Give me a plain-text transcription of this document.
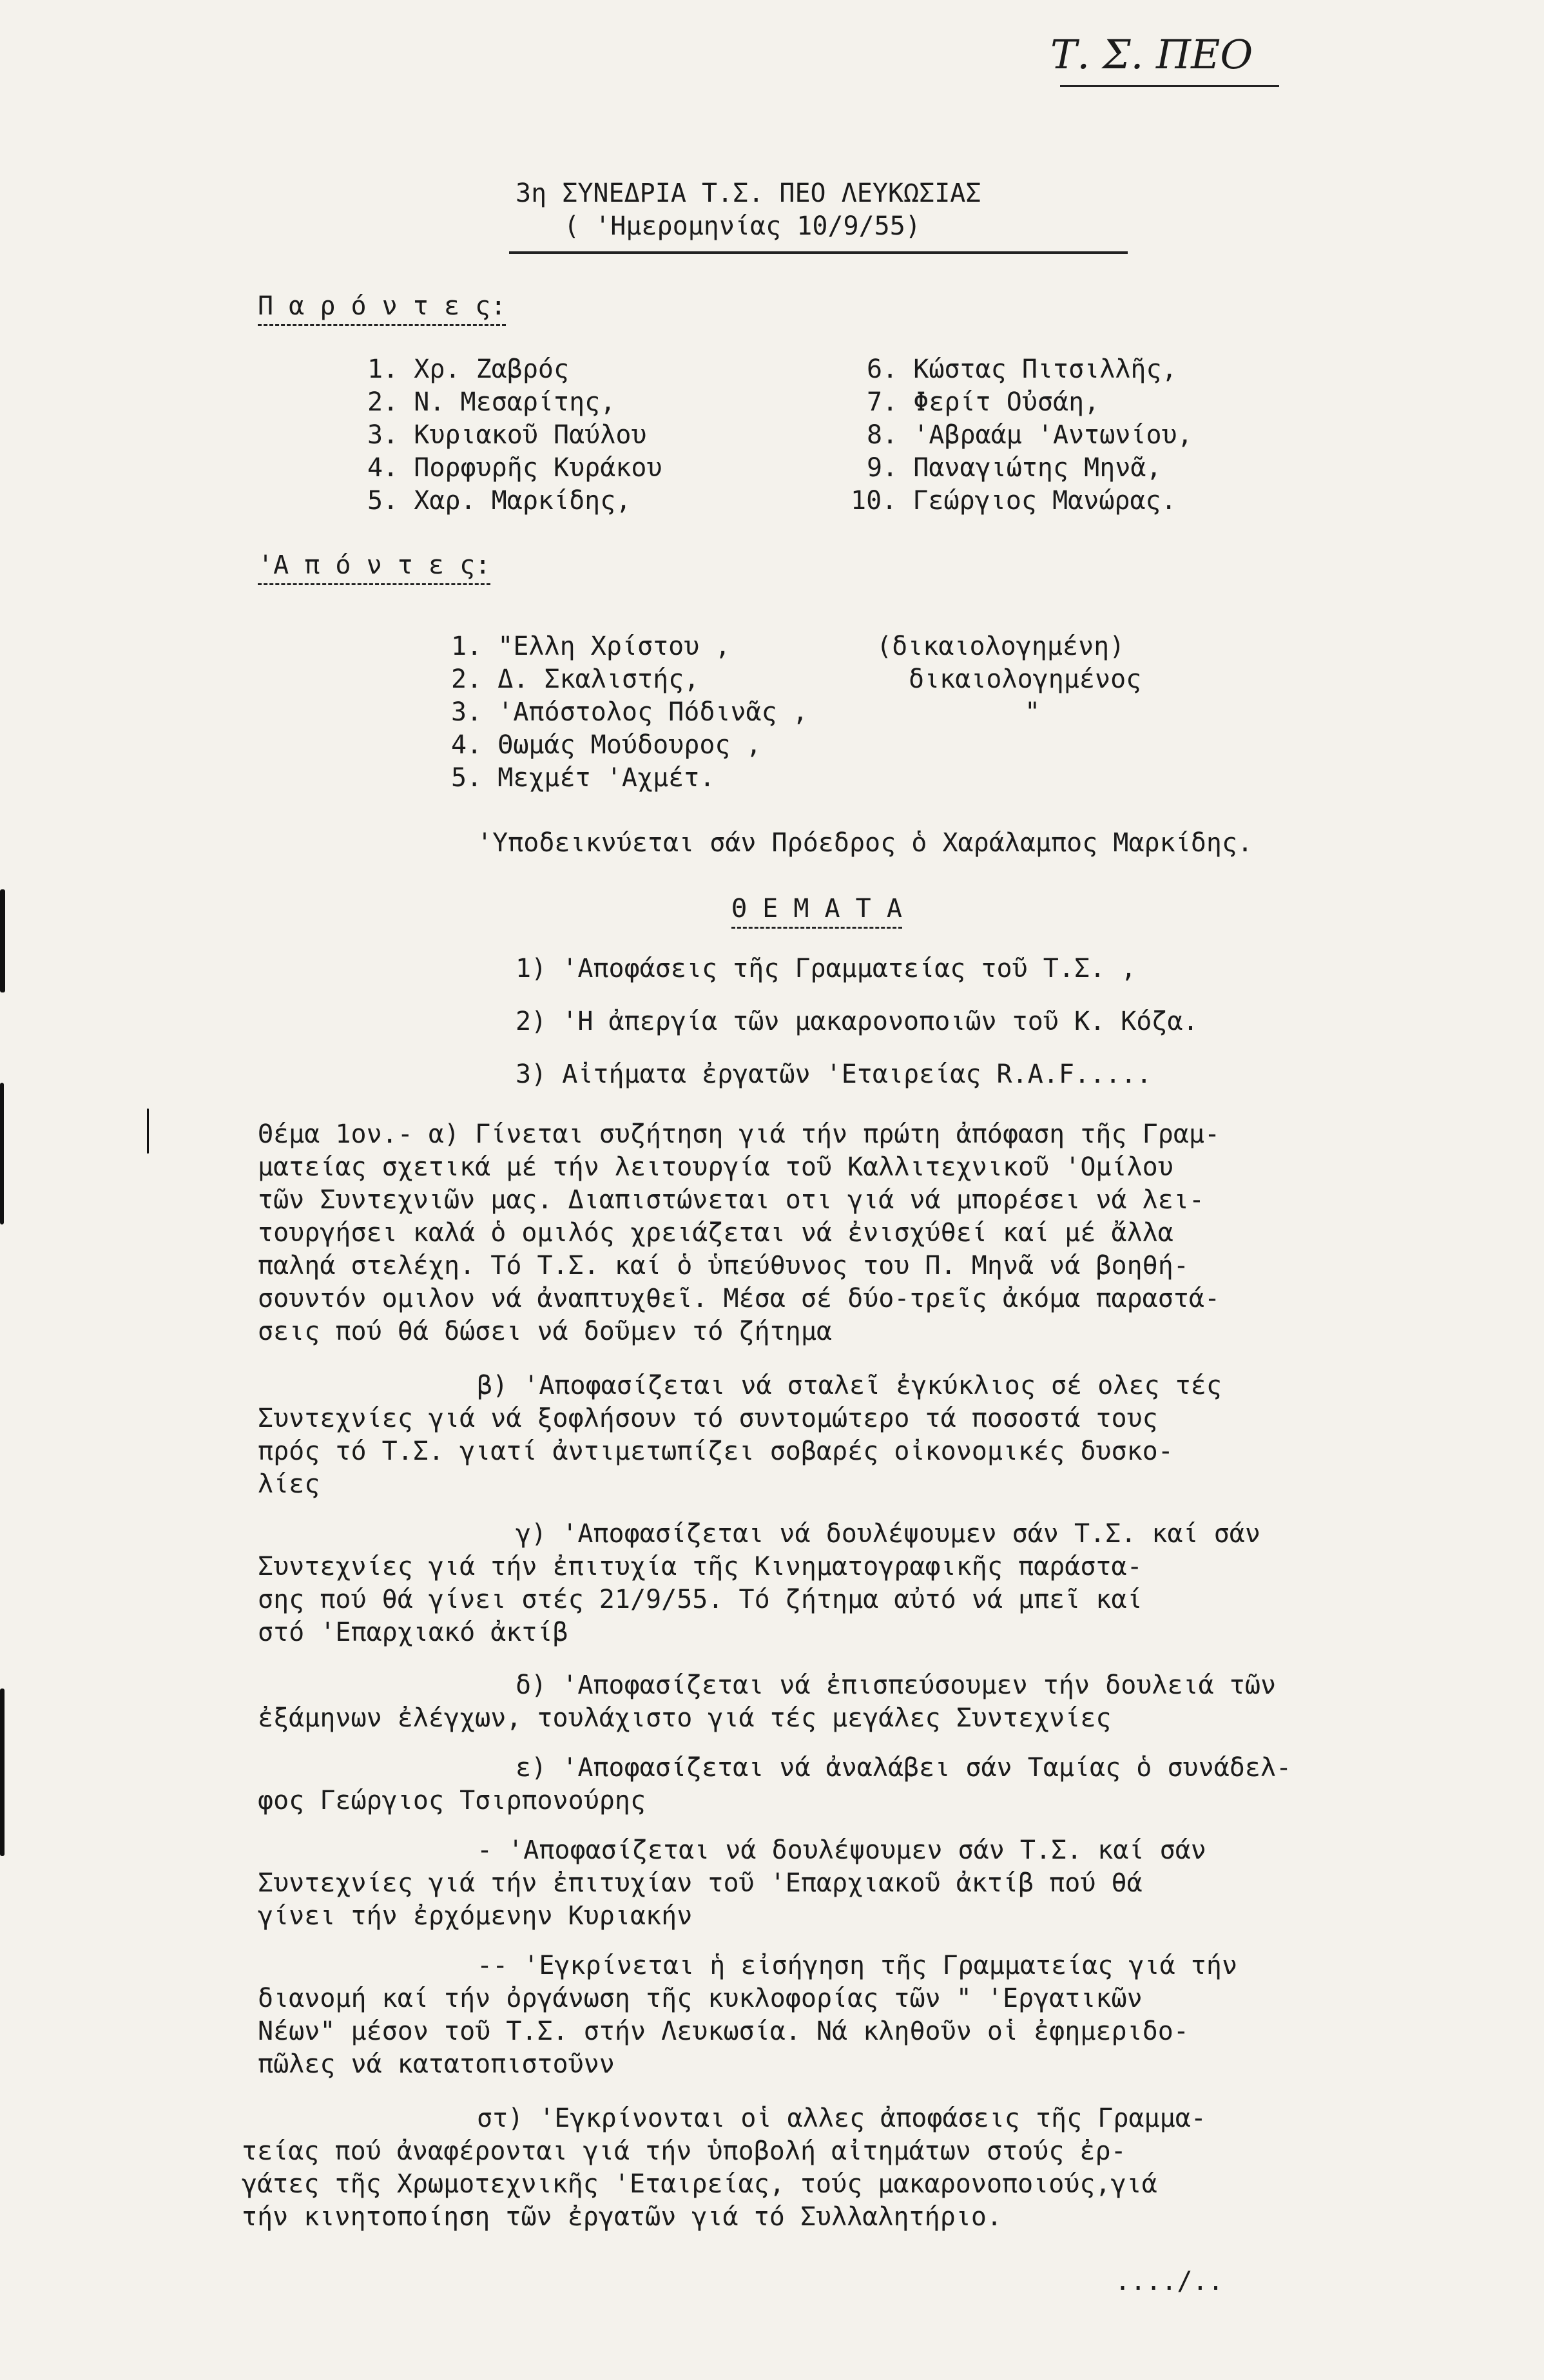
Τ. Σ. ΠΕΟ
3η ΣΥΝΕΔΡΙΑ Τ.Σ. ΠΕΟ ΛΕΥΚΩΣΙΑΣ
( 'Ημερομηνίας 10/9/55)
Π α ρ ό ν τ ε ς:
1. Χρ. Ζαβρός
2. Ν. Μεσαρίτης,
3. Κυριακοῦ Παύλου
4. Πορφυρῆς Κυράκου
5. Χαρ. Μαρκίδης,
6. Κώστας Πιτσιλλῆς,
7. Φερίτ Οὐσάη,
8. 'Αβραάμ 'Αντωνίου,
9. Παναγιώτης Μηνᾶ,
10. Γεώργιος Μανώρας.
'Α π ό ν τ ε ς:
1. "Ελλη Χρίστου ,	(δικαιολογημένη)
2. Δ. Σκαλιστής,	δικαιολογημένος
3. 'Απόστολος Πόδινᾶς ,	"
4. Θωμάς Μούδουρος ,
5. Μεχμέτ 'Αχμέτ.
'Υποδεικνύεται σάν Πρόεδρος ὁ Χαράλαμπος Μαρκίδης.
Θ Ε Μ Α Τ Α
1) 'Αποφάσεις τῆς Γραμματείας τοῦ Τ.Σ. ,
2) 'Η ἀπεργία τῶν μακαρονοποιῶν τοῦ Κ. Κόζα.
3) Αἰτήματα ἐργατῶν 'Εταιρείας R.A.F.....
Θέμα 1ον.- α) Γίνεται συζήτηση γιά τήν πρώτη ἀπόφαση τῆς Γραμ-
ματείας σχετικά μέ τήν λειτουργία τοῦ Καλλιτεχνικοῦ 'Ομίλου
τῶν Συντεχνιῶν μας. Διαπιστώνεται οτι γιά νά μπορέσει νά λει-
τουργήσει καλά ὁ ομιλός χρειάζεται νά ἐνισχύθεί καί μέ ἄλλα
παληά στελέχη. Τό Τ.Σ. καί ὁ ὑπεύθυνος του Π. Μηνᾶ νά βοηθή-
σουντόν ομιλον νά ἀναπτυχθεῖ. Μέσα σέ δύο-τρεῖς ἀκόμα παραστά-
σεις πού θά δώσει νά δοῦμεν τό ζήτημα
β) 'Αποφασίζεται νά σταλεῖ ἐγκύκλιος σέ ολες τές
Συντεχνίες γιά νά ξοφλήσουν τό συντομώτερο τά ποσοστά τους
πρός τό Τ.Σ. γιατί ἀντιμετωπίζει σοβαρές οἰκονομικές δυσκο-
λίες
γ) 'Αποφασίζεται νά δουλέψουμεν σάν Τ.Σ. καί σάν
Συντεχνίες γιά τήν ἐπιτυχία τῆς Κινηματογραφικῆς παράστα-
σης πού θά γίνει στές 21/9/55. Τό ζήτημα αὐτό νά μπεῖ καί
στό 'Επαρχιακό ἀκτίβ
δ) 'Αποφασίζεται νά ἐπισπεύσουμεν τήν δουλειά τῶν
ἐξάμηνων ἐλέγχων, τουλάχιστο γιά τές μεγάλες Συντεχνίες
ε) 'Αποφασίζεται νά ἀναλάβει σάν Ταμίας ὁ συνάδελ-
φος Γεώργιος Τσιρπονούρης
- 'Αποφασίζεται νά δουλέψουμεν σάν Τ.Σ. καί σάν
Συντεχνίες γιά τήν ἐπιτυχίαν τοῦ 'Επαρχιακοῦ ἀκτίβ πού θά
γίνει τήν ἐρχόμενην Κυριακήν
-- 'Εγκρίνεται ἡ εἰσήγηση τῆς Γραμματείας γιά τήν
διανομή καί τήν ὀργάνωση τῆς κυκλοφορίας τῶν " 'Εργατικῶν
Νέων" μέσον τοῦ Τ.Σ. στήν Λευκωσία. Νά κληθοῦν οἱ ἐφημεριδο-
πῶλες νά κατατοπιστοῦνν
στ) 'Εγκρίνονται οἱ αλλες ἀποφάσεις τῆς Γραμμα-
τείας πού ἀναφέρονται γιά τήν ὑποβολή αἰτημάτων στούς ἐρ-
γάτες τῆς Χρωμοτεχνικῆς 'Εταιρείας, τούς μακαρονοποιούς,γιά
τήν κινητοποίηση τῶν ἐργατῶν γιά τό Συλλαλητήριο.
..../..
